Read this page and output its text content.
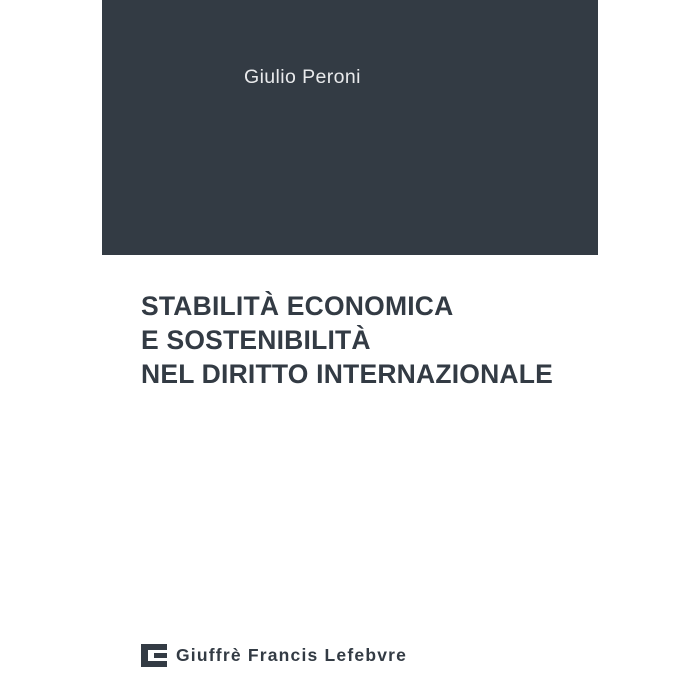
Giulio Peroni
STABILITÀ ECONOMICA
E SOSTENIBILITÀ
NEL DIRITTO INTERNAZIONALE
Giuffrè Francis Lefebvre
